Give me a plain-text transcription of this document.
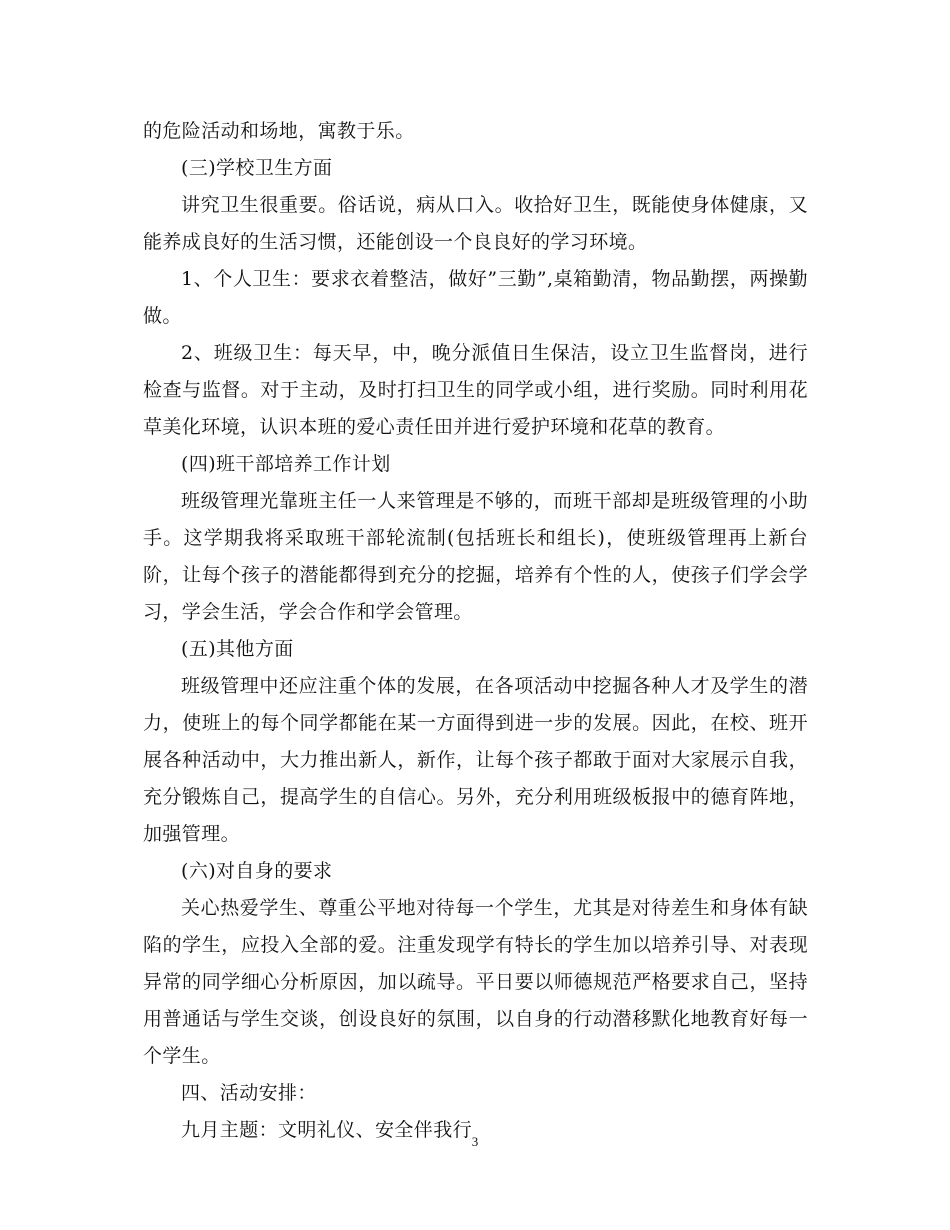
的危险活动和场地，寓教于乐。

(三)学校卫生方面

讲究卫生很重要。俗话说，病从口入。收拾好卫生，既能使身体健康，又能养成良好的生活习惯，还能创设一个良良好的学习环境。

1、个人卫生：要求衣着整洁，做好”三勤”,桌箱勤清，物品勤摆，两操勤做。

2、班级卫生：每天早，中，晚分派值日生保洁，设立卫生监督岗，进行检查与监督。对于主动，及时打扫卫生的同学或小组，进行奖励。同时利用花草美化环境，认识本班的爱心责任田并进行爱护环境和花草的教育。

(四)班干部培养工作计划

班级管理光靠班主任一人来管理是不够的，而班干部却是班级管理的小助手。这学期我将采取班干部轮流制(包括班长和组长)，使班级管理再上新台阶，让每个孩子的潜能都得到充分的挖掘，培养有个性的人，使孩子们学会学习，学会生活，学会合作和学会管理。

(五)其他方面

班级管理中还应注重个体的发展，在各项活动中挖掘各种人才及学生的潜力，使班上的每个同学都能在某一方面得到进一步的发展。因此，在校、班开展各种活动中，大力推出新人，新作，让每个孩子都敢于面对大家展示自我，充分锻炼自己，提高学生的自信心。另外，充分利用班级板报中的德育阵地，加强管理。

(六)对自身的要求

关心热爱学生、尊重公平地对待每一个学生，尤其是对待差生和身体有缺陷的学生，应投入全部的爱。注重发现学有特长的学生加以培养引导、对表现异常的同学细心分析原因，加以疏导。平日要以师德规范严格要求自己，坚持用普通话与学生交谈，创设良好的氛围，以自身的行动潜移默化地教育好每一个学生。

四、活动安排：

九月主题：文明礼仪、安全伴我行

3
